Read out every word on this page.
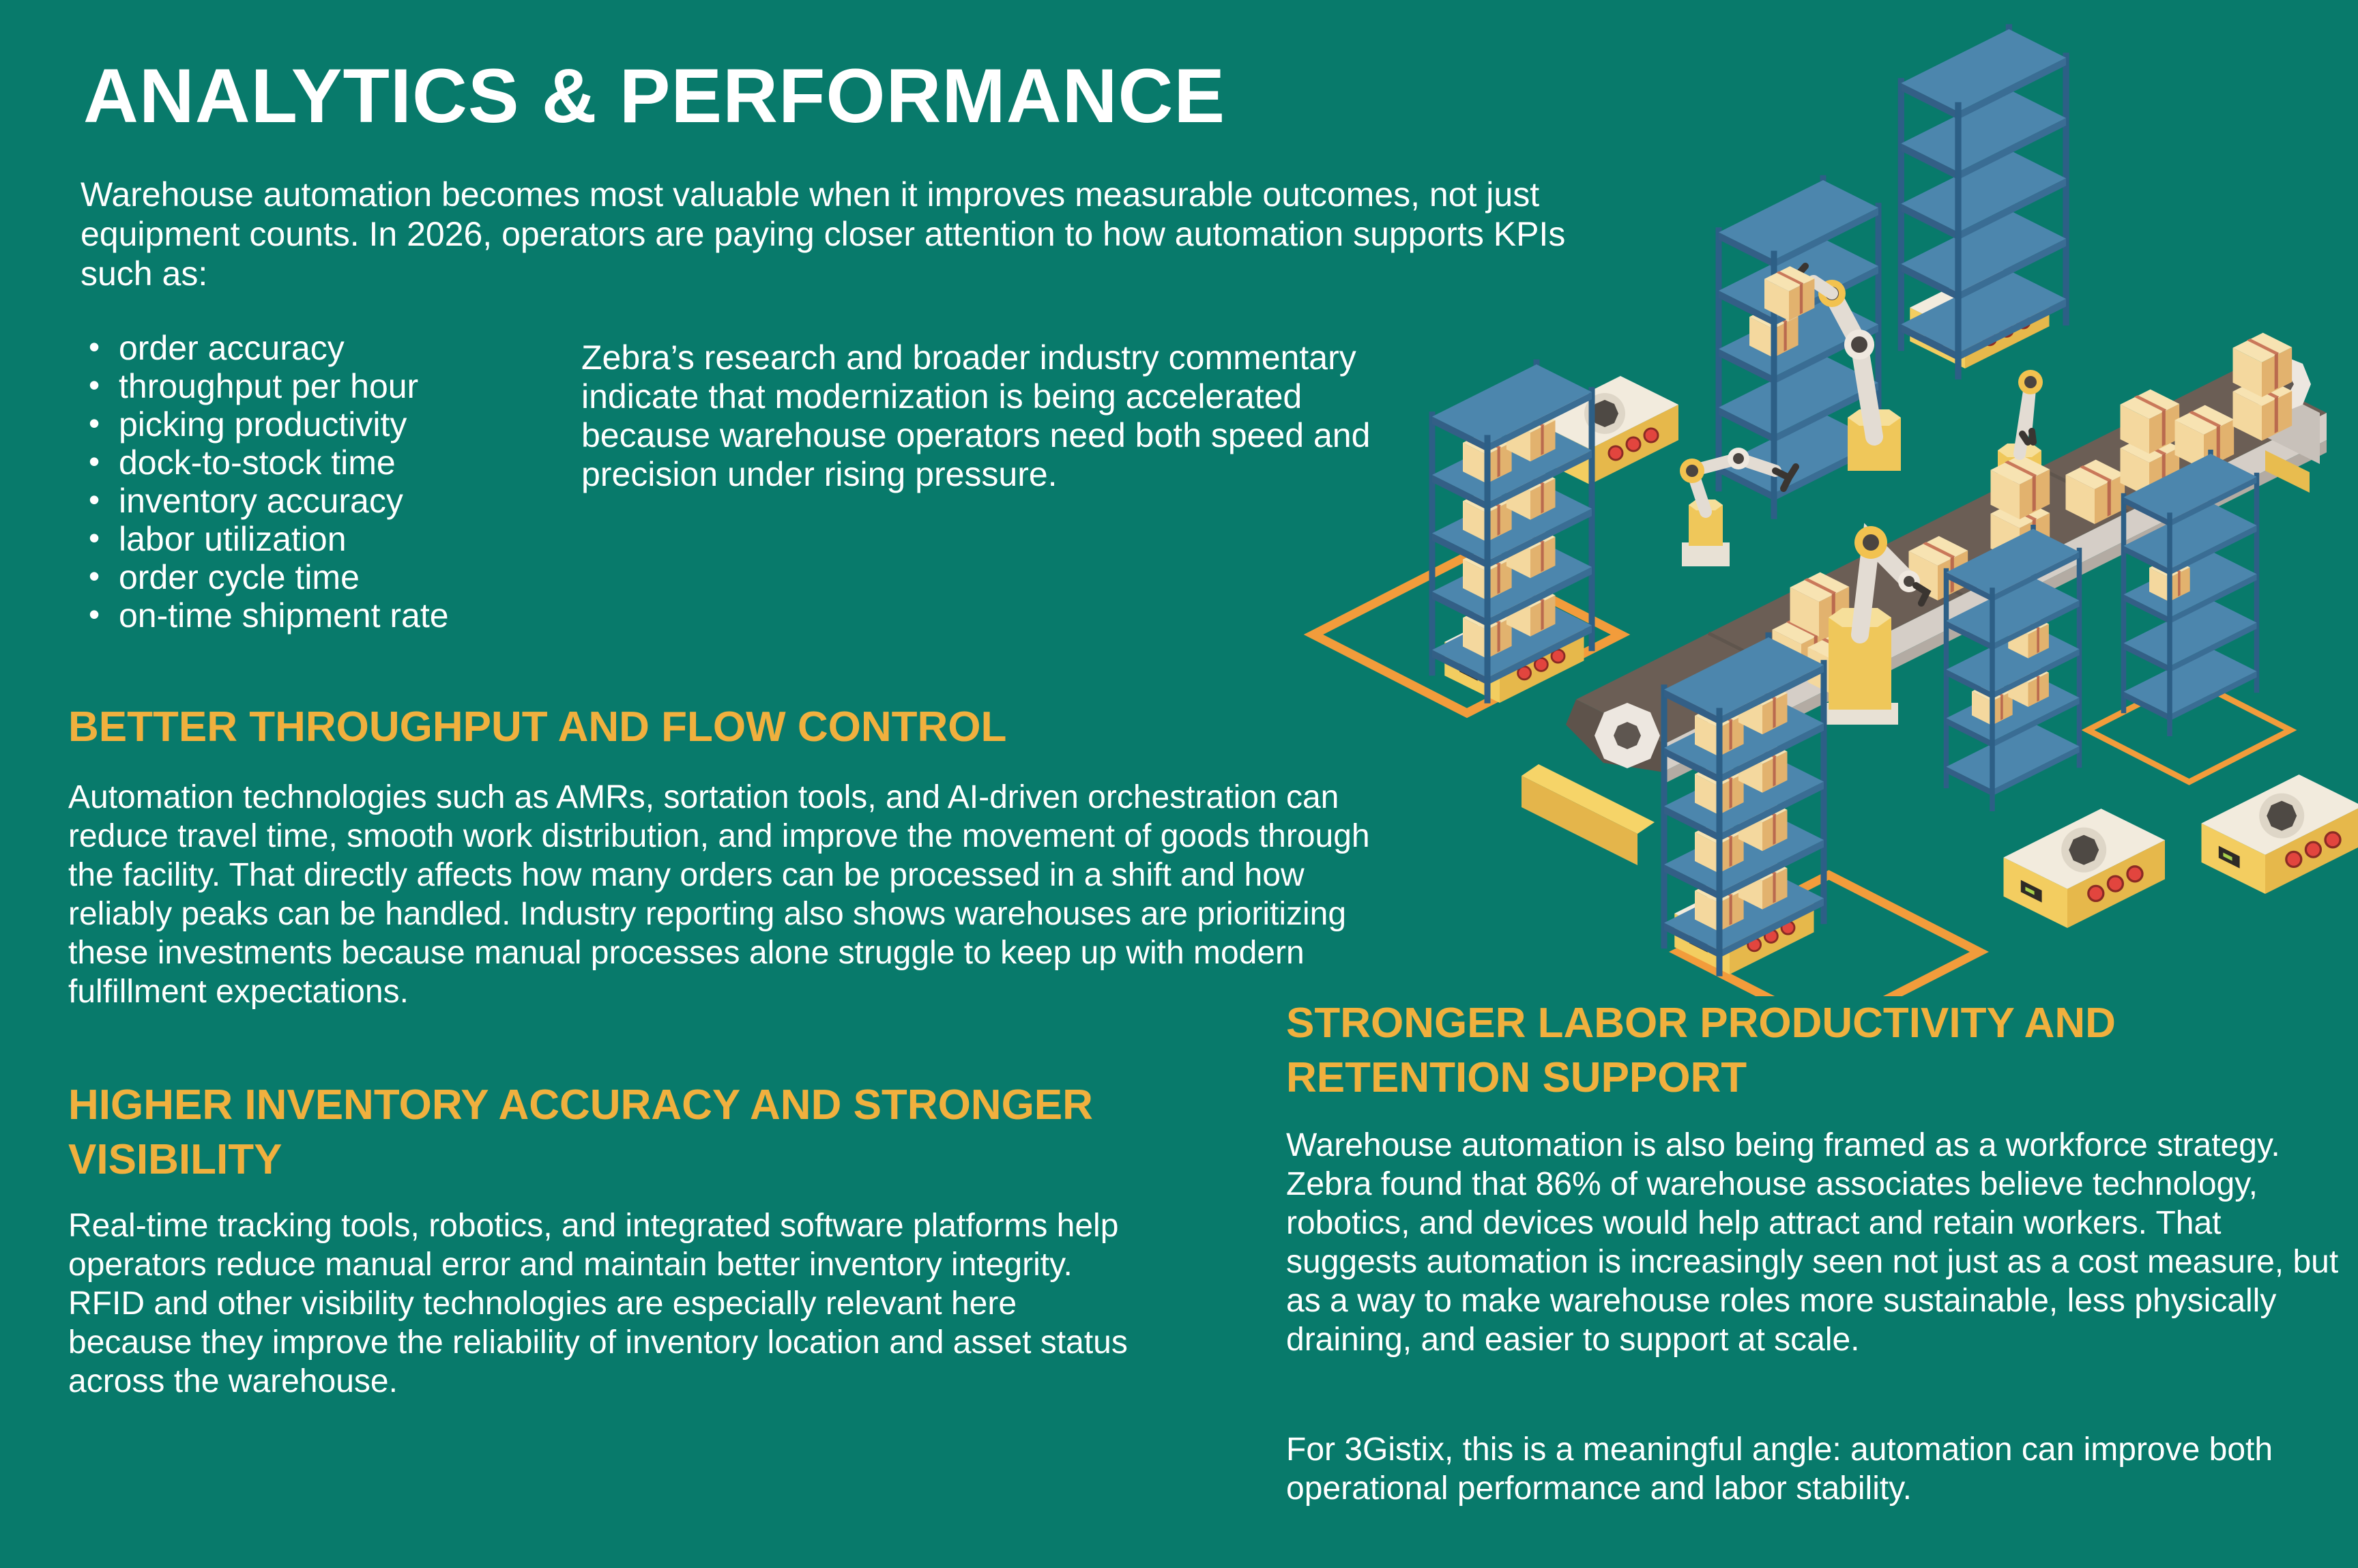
ANALYTICS & PERFORMANCE
Warehouse automation becomes most valuable when it improves measurable outcomes, not just equipment counts. In 2026, operators are paying closer attention to how automation supports KPIs such as:
• order accuracy
• throughput per hour
• picking productivity
• dock-to-stock time
• inventory accuracy
• labor utilization
• order cycle time
• on-time shipment rate
Zebra’s research and broader industry commentary indicate that modernization is being accelerated because warehouse operators need both speed and precision under rising pressure.
BETTER THROUGHPUT AND FLOW CONTROL
Automation technologies such as AMRs, sortation tools, and AI-driven orchestration can reduce travel time, smooth work distribution, and improve the movement of goods through the facility. That directly affects how many orders can be processed in a shift and how reliably peaks can be handled. Industry reporting also shows warehouses are prioritizing these investments because manual processes alone struggle to keep up with modern fulfillment expectations.
HIGHER INVENTORY ACCURACY AND STRONGER VISIBILITY
Real-time tracking tools, robotics, and integrated software platforms help operators reduce manual error and maintain better inventory integrity. RFID and other visibility technologies are especially relevant here because they improve the reliability of inventory location and asset status across the warehouse.
STRONGER LABOR PRODUCTIVITY AND RETENTION SUPPORT
Warehouse automation is also being framed as a workforce strategy. Zebra found that 86% of warehouse associates believe technology, robotics, and devices would help attract and retain workers. That suggests automation is increasingly seen not just as a cost measure, but as a way to make warehouse roles more sustainable, less physically draining, and easier to support at scale.
For 3Gistix, this is a meaningful angle: automation can improve both operational performance and labor stability.
